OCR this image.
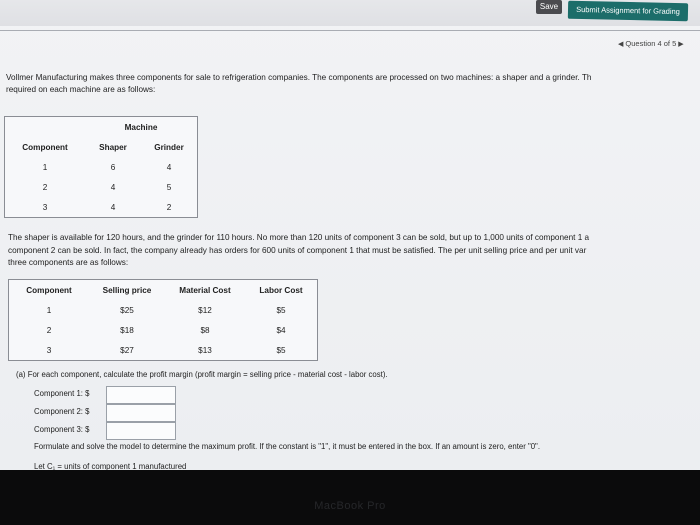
Save	Submit Assignment for Grading
◀ Question 4 of 5 ▶
Vollmer Manufacturing makes three components for sale to refrigeration companies. The components are processed on two machines: a shaper and a grinder. Th
required on each machine are as follows:
	Machine	
Component	Shaper	Grinder
1	6	4
2	4	5
3	4	2
The shaper is available for 120 hours, and the grinder for 110 hours. No more than 120 units of component 3 can be sold, but up to 1,000 units of component 1 a
component 2 can be sold. In fact, the company already has orders for 600 units of component 1 that must be satisfied. The per unit selling price and per unit var
three components are as follows:
Component	Selling price	Material Cost	Labor Cost
1	$25	$12	$5
2	$18	$8	$4
3	$27	$13	$5
(a) For each component, calculate the profit margin (profit margin = selling price - material cost - labor cost).
Component 1: $
Component 2: $
Component 3: $
Formulate and solve the model to determine the maximum profit. If the constant is "1", it must be entered in the box. If an amount is zero, enter "0".
Let C₁ = units of component 1 manufactured
MacBook Pro
